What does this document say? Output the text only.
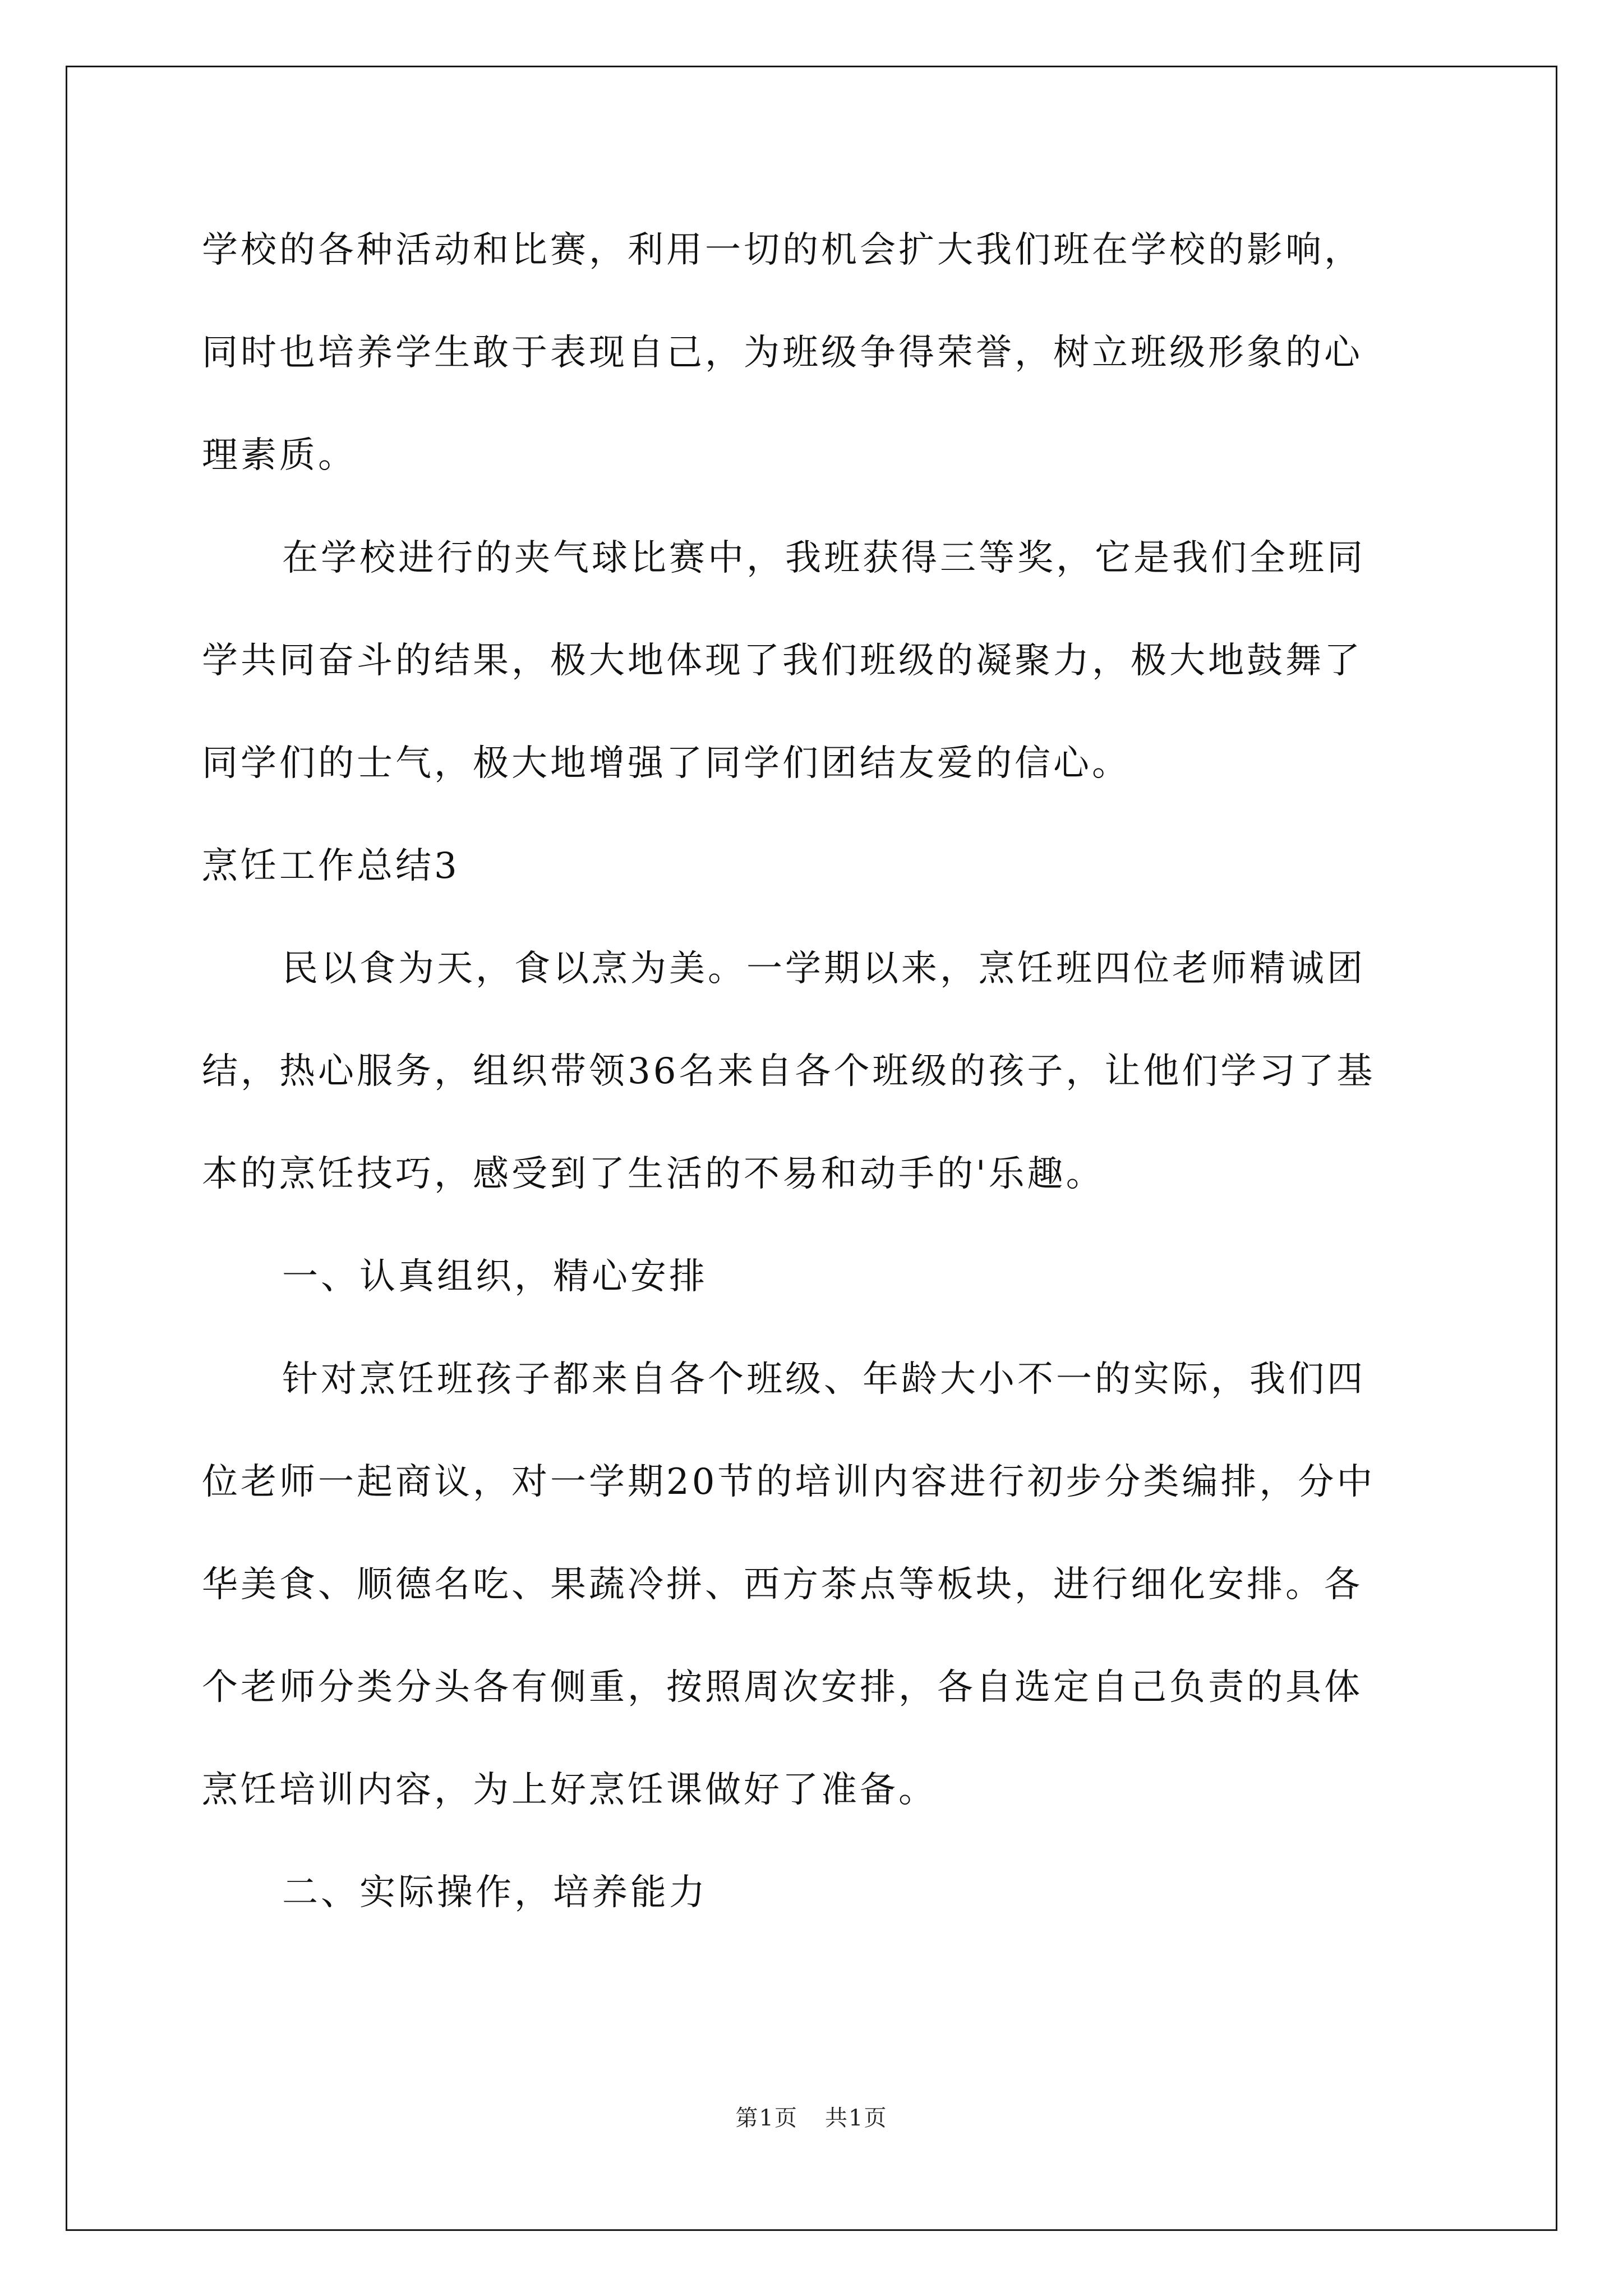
学校的各种活动和比赛，利用一切的机会扩大我们班在学校的影响，
同时也培养学生敢于表现自己，为班级争得荣誉，树立班级形象的心
理素质。
在学校进行的夹气球比赛中，我班获得三等奖，它是我们全班同
学共同奋斗的结果，极大地体现了我们班级的凝聚力，极大地鼓舞了
同学们的士气，极大地增强了同学们团结友爱的信心。
烹饪工作总结3
民以食为天，食以烹为美。一学期以来，烹饪班四位老师精诚团
结，热心服务，组织带领36名来自各个班级的孩子，让他们学习了基
本的烹饪技巧，感受到了生活的不易和动手的'乐趣。
一、认真组织，精心安排
针对烹饪班孩子都来自各个班级、年龄大小不一的实际，我们四
位老师一起商议，对一学期20节的培训内容进行初步分类编排，分中
华美食、顺德名吃、果蔬冷拼、西方茶点等板块，进行细化安排。各
个老师分类分头各有侧重，按照周次安排，各自选定自己负责的具体
烹饪培训内容，为上好烹饪课做好了准备。
二、实际操作，培养能力
第1页 共1页
